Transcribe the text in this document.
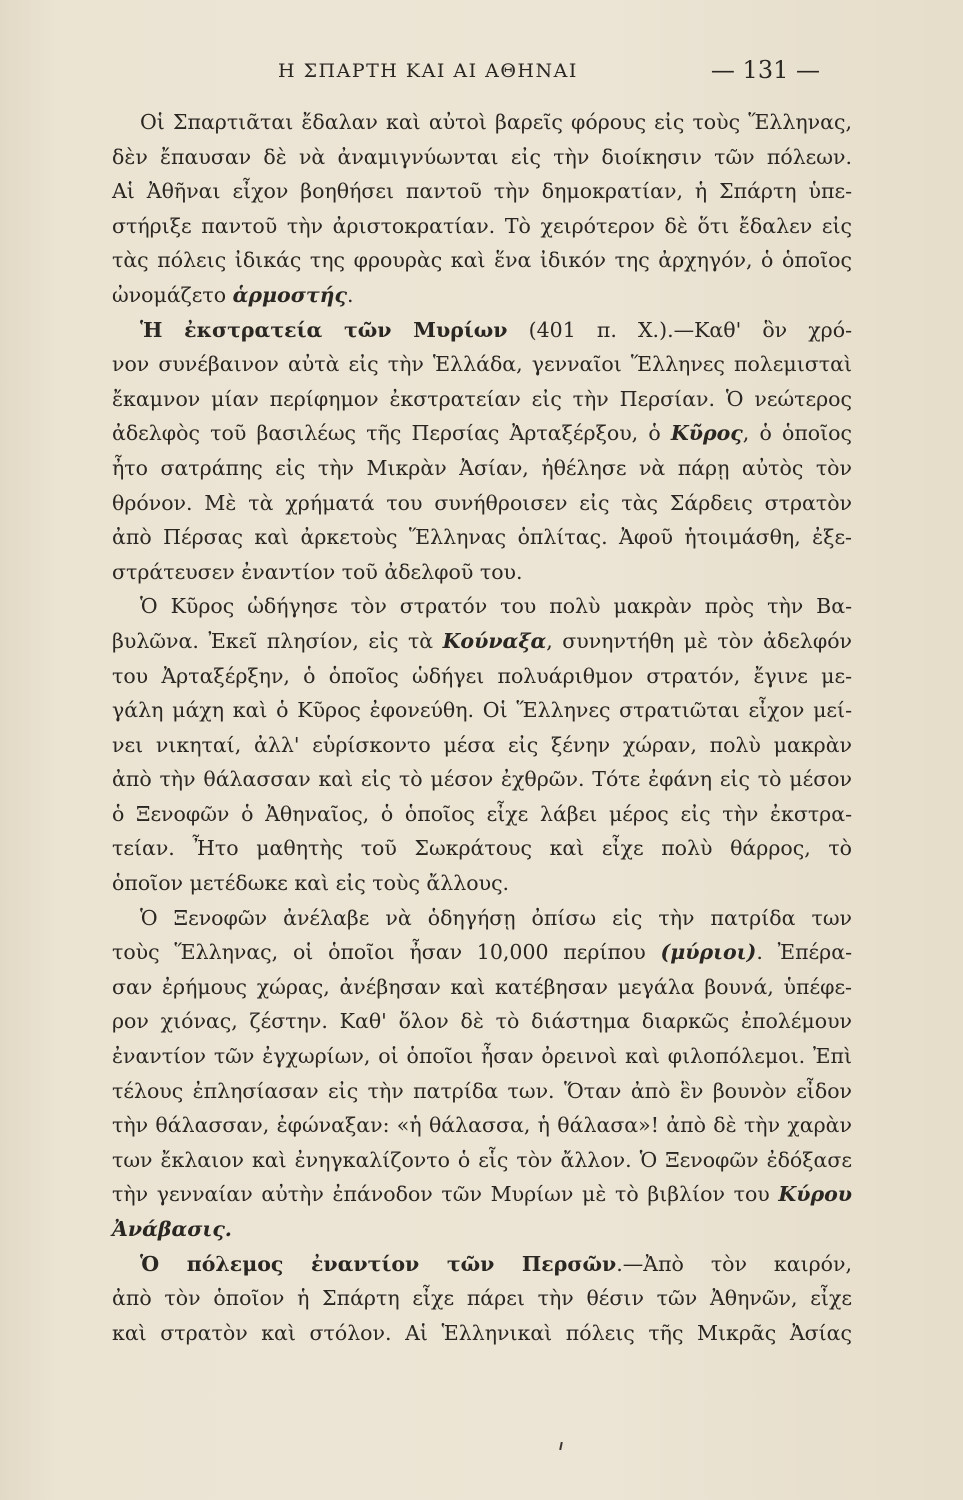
Η ΣΠΑΡΤΗ ΚΑΙ ΑΙ ΑΘΗΝΑΙ	— 131 —
Οἱ Σπαρτιᾶται ἔδαλαν καὶ αὐτοὶ βαρεῖς φόρους εἰς τοὺς Ἕλληνας,
δὲν ἔπαυσαν δὲ νὰ ἀναμιγνύωνται εἰς τὴν διοίκησιν τῶν πόλεων.
Αἱ Ἀθῆναι εἶχον βοηθήσει παντοῦ τὴν δημοκρατίαν, ἡ Σπάρτη ὑπε-
στήριξε παντοῦ τὴν ἀριστοκρατίαν. Τὸ χειρότερον δὲ ὅτι ἔδαλεν εἰς
τὰς πόλεις ἰδικάς της φρουρὰς καὶ ἕνα ἰδικόν της ἀρχηγόν, ὁ ὁποῖος
ὠνομάζετο ἁρμοστής.
Ἡ ἐκστρατεία τῶν Μυρίων (401 π. Χ.).—Καθ' ὃν χρό-
νον συνέβαινον αὐτὰ εἰς τὴν Ἑλλάδα, γενναῖοι Ἕλληνες πολεμισταὶ
ἔκαμνον μίαν περίφημον ἐκστρατείαν εἰς τὴν Περσίαν. Ὁ νεώτερος
ἀδελφὸς τοῦ βασιλέως τῆς Περσίας Ἀρταξέρξου, ὁ Κῦρος, ὁ ὁποῖος
ἦτο σατράπης εἰς τὴν Μικρὰν Ἀσίαν, ἠθέλησε νὰ πάρῃ αὐτὸς τὸν
θρόνον. Μὲ τὰ χρήματά του συνήθροισεν εἰς τὰς Σάρδεις στρατὸν
ἀπὸ Πέρσας καὶ ἀρκετοὺς Ἕλληνας ὁπλίτας. Ἀφοῦ ἡτοιμάσθη, ἐξε-
στράτευσεν ἐναντίον τοῦ ἀδελφοῦ του.
Ὁ Κῦρος ὡδήγησε τὸν στρατόν του πολὺ μακρὰν πρὸς τὴν Βα-
βυλῶνα. Ἐκεῖ πλησίον, εἰς τὰ Κούναξα, συνηντήθη μὲ τὸν ἀδελφόν
του Ἀρταξέρξην, ὁ ὁποῖος ὡδήγει πολυάριθμον στρατόν, ἔγινε με-
γάλη μάχη καὶ ὁ Κῦρος ἐφονεύθη. Οἱ Ἕλληνες στρατιῶται εἶχον μεί-
νει νικηταί, ἀλλ' εὑρίσκοντο μέσα εἰς ξένην χώραν, πολὺ μακρὰν
ἀπὸ τὴν θάλασσαν καὶ εἰς τὸ μέσον ἐχθρῶν. Τότε ἐφάνη εἰς τὸ μέσον
ὁ Ξενοφῶν ὁ Ἀθηναῖος, ὁ ὁποῖος εἶχε λάβει μέρος εἰς τὴν ἐκστρα-
τείαν. Ἦτο μαθητὴς τοῦ Σωκράτους καὶ εἶχε πολὺ θάρρος, τὸ
ὁποῖον μετέδωκε καὶ εἰς τοὺς ἄλλους.
Ὁ Ξενοφῶν ἀνέλαβε νὰ ὁδηγήσῃ ὀπίσω εἰς τὴν πατρίδα των
τοὺς Ἕλληνας, οἱ ὁποῖοι ἦσαν 10,000 περίπου (μύριοι). Ἐπέρα-
σαν ἐρήμους χώρας, ἀνέβησαν καὶ κατέβησαν μεγάλα βουνά, ὑπέφε-
ρον χιόνας, ζέστην. Καθ' ὅλον δὲ τὸ διάστημα διαρκῶς ἐπολέμουν
ἐναντίον τῶν ἐγχωρίων, οἱ ὁποῖοι ἦσαν ὀρεινοὶ καὶ φιλοπόλεμοι. Ἐπὶ
τέλους ἐπλησίασαν εἰς τὴν πατρίδα των. Ὅταν ἀπὸ ἓν βουνὸν εἶδον
τὴν θάλασσαν, ἐφώναξαν: «ἡ θάλασσα, ἡ θάλασα»! ἀπὸ δὲ τὴν χαρὰν
των ἔκλαιον καὶ ἐνηγκαλίζοντο ὁ εἷς τὸν ἄλλον. Ὁ Ξενοφῶν ἐδόξασε
τὴν γενναίαν αὐτὴν ἐπάνοδον τῶν Μυρίων μὲ τὸ βιβλίον του Κύρου
Ἀνάβασις.
Ὁ πόλεμος ἐναντίον τῶν Περσῶν.—Ἀπὸ τὸν καιρόν,
ἀπὸ τὸν ὁποῖον ἡ Σπάρτη εἶχε πάρει τὴν θέσιν τῶν Ἀθηνῶν, εἶχε
καὶ στρατὸν καὶ στόλον. Αἱ Ἑλληνικαὶ πόλεις τῆς Μικρᾶς Ἀσίας
